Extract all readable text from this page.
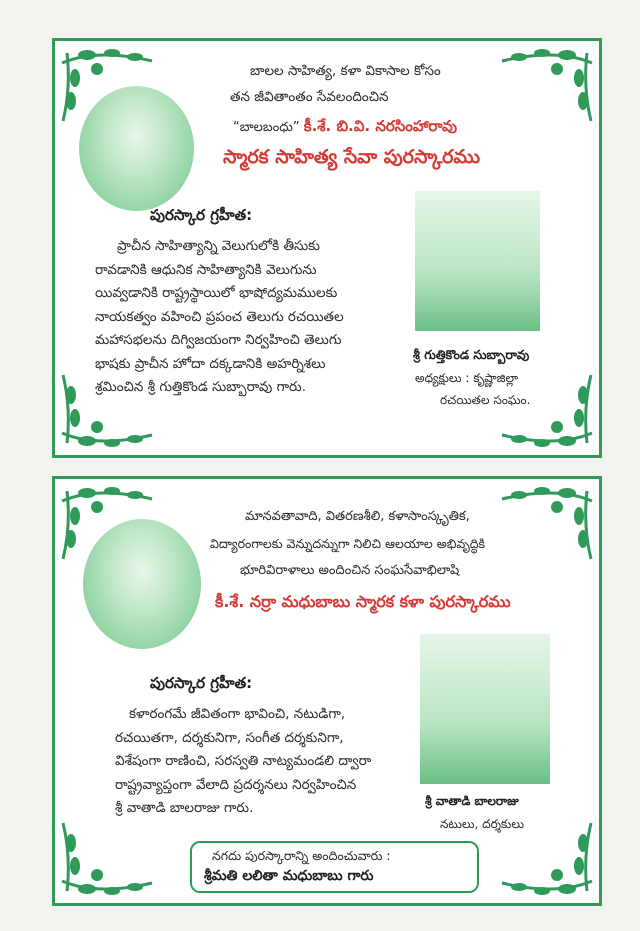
బాలల సాహిత్య, కళా వికాసాల కోసం
తన జీవితాంతం సేవలందించిన
“బాలబంధు” కీ.శే. బి.వి. నరసింహారావు
స్మారక సాహిత్య సేవా పురస్కారము
పురస్కార గ్రహీత:
ప్రాచీన సాహిత్యాన్ని వెలుగులోకి తీసుకు
రావడానికి ఆధునిక సాహిత్యానికి వెలుగును
యివ్వడానికి రాష్ట్రస్థాయిలో భాషోద్యమములకు
నాయకత్వం వహించి ప్రపంచ తెలుగు రచయితల
మహాసభలను దిగ్విజయంగా నిర్వహించి తెలుగు
భాషకు ప్రాచీన హోదా దక్కడానికి అహర్నిశలు
శ్రమించిన శ్రీ గుత్తికొండ సుబ్బారావు గారు.
శ్రీ గుత్తికొండ సుబ్బారావు
అధ్యక్షులు : కృష్ణాజిల్లా
రచయితల సంఘం.
మానవతావాది, వితరణశీలి, కళాసాంస్కృతిక,
విద్యారంగాలకు వెన్నుదన్నుగా నిలిచి ఆలయాల అభివృద్ధికి
భూరివిరాళాలు అందించిన సంఘసేవాభిలాషి
కీ.శే. నర్రా మధుబాబు స్మారక కళా పురస్కారము
పురస్కార గ్రహీత:
కళారంగమే జీవితంగా భావించి, నటుడిగా,
రచయితగా, దర్శకునిగా, సంగీత దర్శకునిగా,
విశేషంగా రాణించి, సరస్వతి నాట్యమండలి ద్వారా
రాష్ట్రవ్యాప్తంగా వేలాది ప్రదర్శనలు నిర్వహించిన
శ్రీ వాతాడి బాలరాజు గారు.	శ్రీ వాతాడి బాలరాజు
నటులు, దర్శకులు
నగదు పురస్కారాన్ని అందించువారు :
శ్రీమతి లలితా మధుబాబు గారు
